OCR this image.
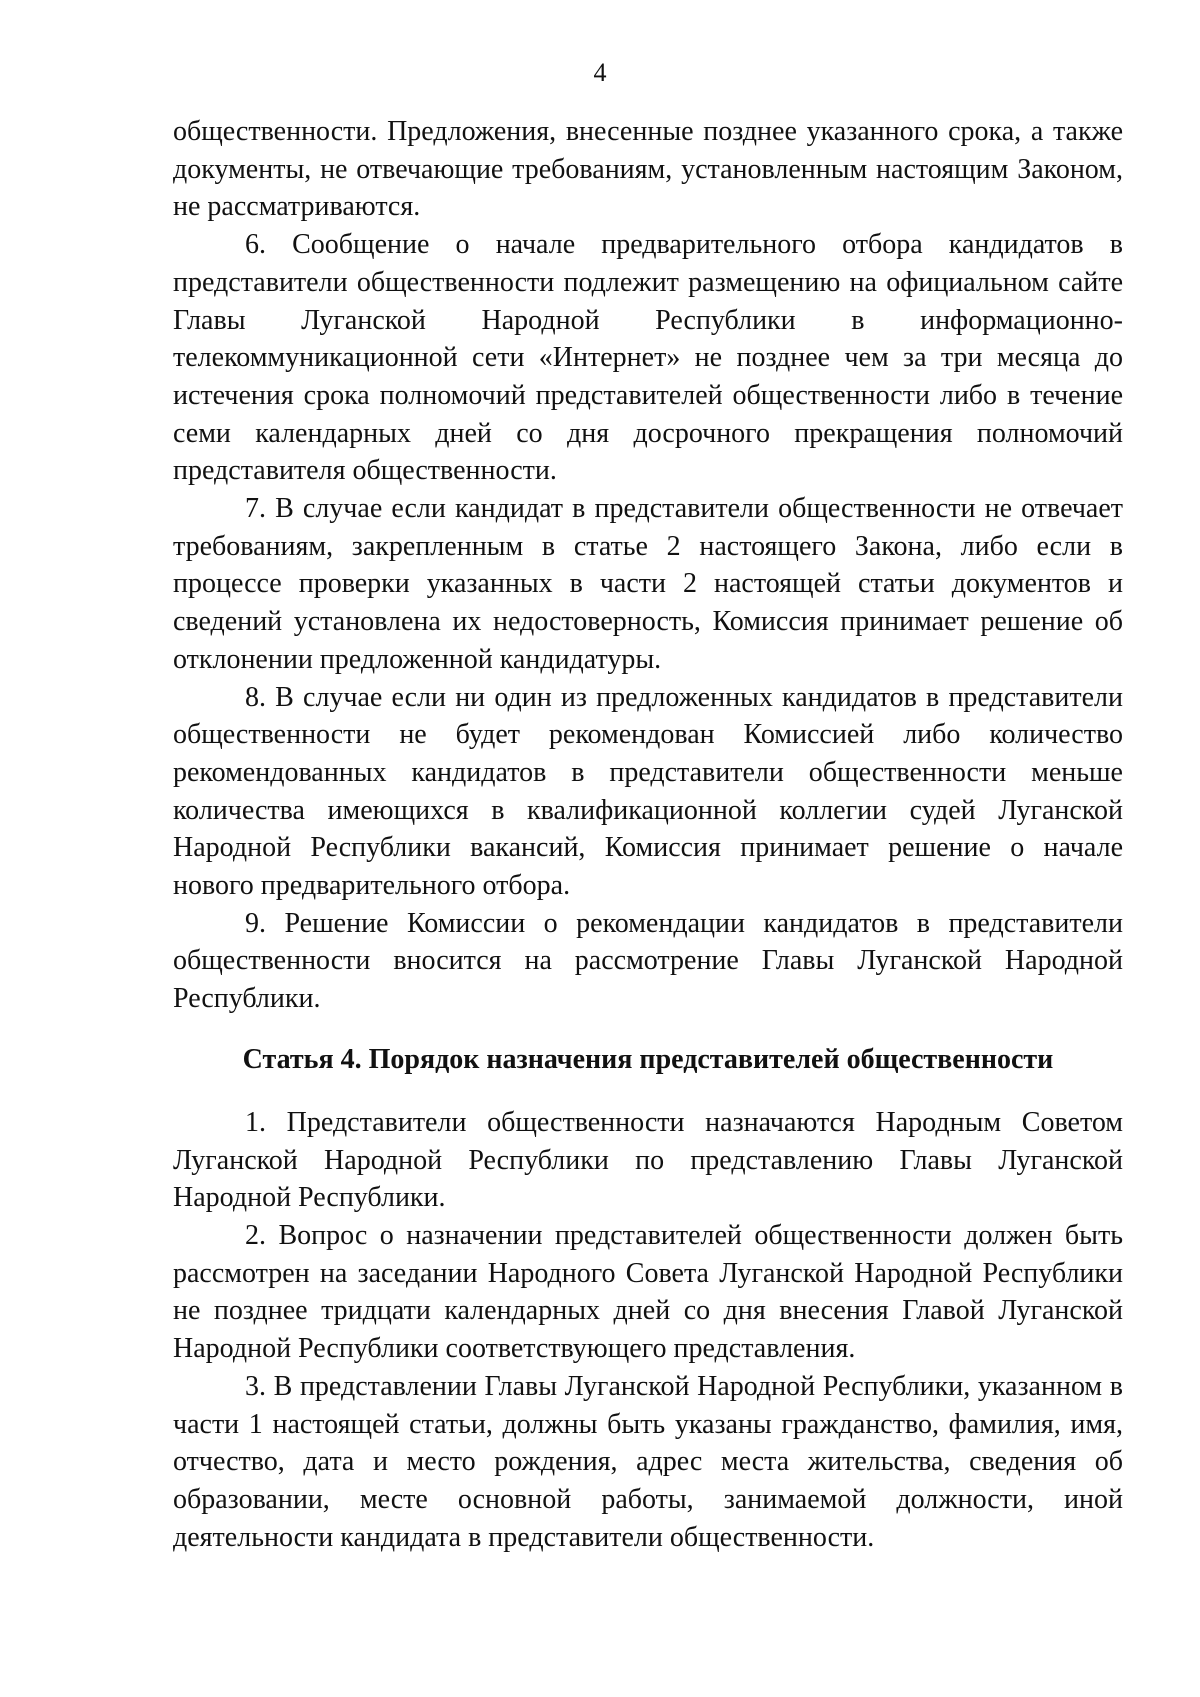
4

общественности. Предложения, внесенные позднее указанного срока, а также документы, не отвечающие требованиям, установленным настоящим Законом, не рассматриваются.

6. Сообщение о начале предварительного отбора кандидатов в представители общественности подлежит размещению на официальном сайте Главы Луганской Народной Республики в информационно-телекоммуникационной сети «Интернет» не позднее чем за три месяца до истечения срока полномочий представителей общественности либо в течение семи календарных дней со дня досрочного прекращения полномочий представителя общественности.

7. В случае если кандидат в представители общественности не отвечает требованиям, закрепленным в статье 2 настоящего Закона, либо если в процессе проверки указанных в части 2 настоящей статьи документов и сведений установлена их недостоверность, Комиссия принимает решение об отклонении предложенной кандидатуры.

8. В случае если ни один из предложенных кандидатов в представители общественности не будет рекомендован Комиссией либо количество рекомендованных кандидатов в представители общественности меньше количества имеющихся в квалификационной коллегии судей Луганской Народной Республики вакансий, Комиссия принимает решение о начале нового предварительного отбора.

9. Решение Комиссии о рекомендации кандидатов в представители общественности вносится на рассмотрение Главы Луганской Народной Республики.

Статья 4. Порядок назначения представителей общественности

1. Представители общественности назначаются Народным Советом Луганской Народной Республики по представлению Главы Луганской Народной Республики.

2. Вопрос о назначении представителей общественности должен быть рассмотрен на заседании Народного Совета Луганской Народной Республики не позднее тридцати календарных дней со дня внесения Главой Луганской Народной Республики соответствующего представления.

3. В представлении Главы Луганской Народной Республики, указанном в части 1 настоящей статьи, должны быть указаны гражданство, фамилия, имя, отчество, дата и место рождения, адрес места жительства, сведения об образовании, месте основной работы, занимаемой должности, иной деятельности кандидата в представители общественности.
